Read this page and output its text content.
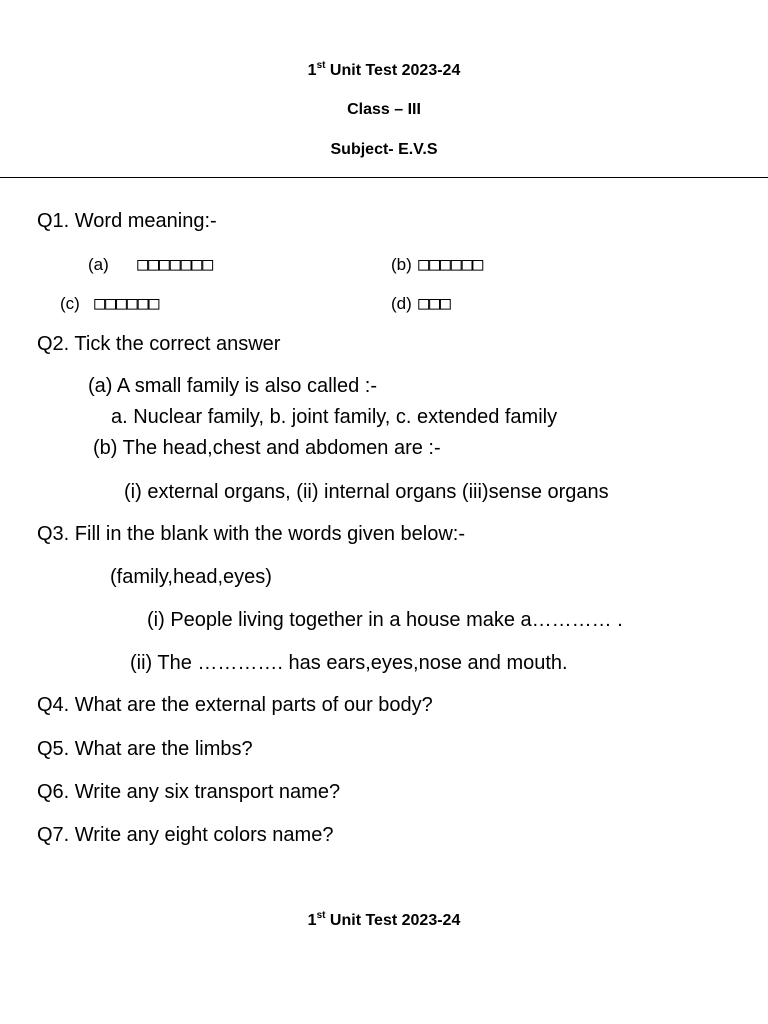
1st Unit Test 2023-24
Class – III
Subject- E.V.S
Q1. Word meaning:-
(a) □□□□□□□	(b) □□□□□□
(c) □□□□□□	(d) □□□
Q2. Tick the correct answer
(a) A small family is also called :-
a. Nuclear family, b. joint family, c. extended family
(b) The head,chest and abdomen are :-
(i) external organs, (ii) internal organs (iii)sense organs
Q3. Fill in the blank with the words given below:-
(family,head,eyes)
(i) People living together in a house make a………… .
(ii) The …………. has ears,eyes,nose and mouth.
Q4. What are the external parts of our body?
Q5. What are the limbs?
Q6. Write any six transport name?
Q7. Write any eight colors name?
1st Unit Test 2023-24
